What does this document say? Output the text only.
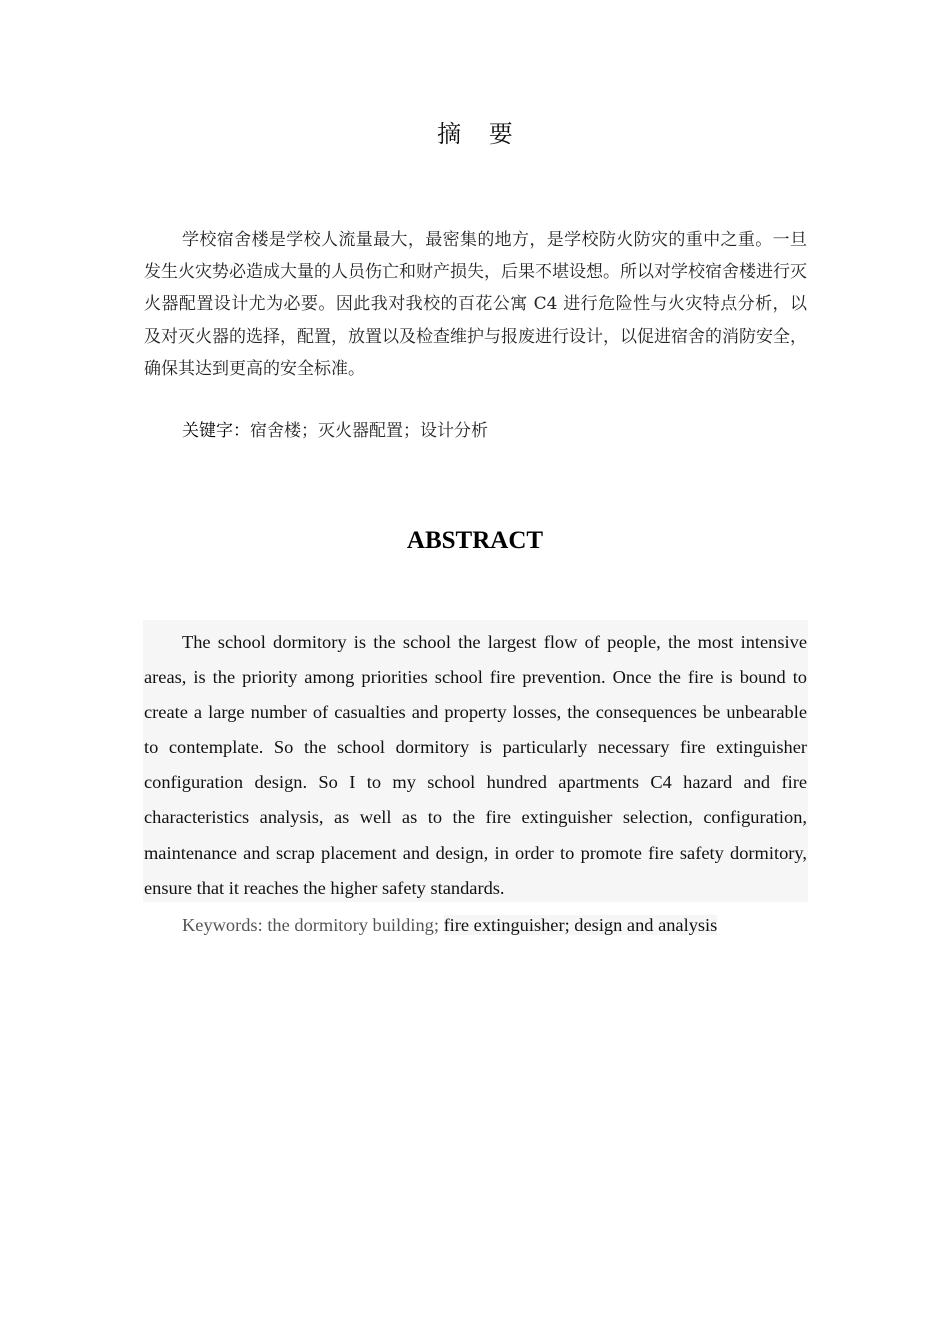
摘 要

学校宿舍楼是学校人流量最大，最密集的地方，是学校防火防灾的重中之重。一旦发生火灾势必造成大量的人员伤亡和财产损失，后果不堪设想。所以对学校宿舍楼进行灭火器配置设计尤为必要。因此我对我校的百花公寓 C4 进行危险性与火灾特点分析，以及对灭火器的选择，配置，放置以及检查维护与报废进行设计，以促进宿舍的消防安全，确保其达到更高的安全标准。

关键字：宿舍楼；灭火器配置；设计分析

ABSTRACT

The school dormitory is the school the largest flow of people, the most intensive areas, is the priority among priorities school fire prevention. Once the fire is bound to create a large number of casualties and property losses, the consequences be unbearable to contemplate. So the school dormitory is particularly necessary fire extinguisher configuration design. So I to my school hundred apartments C4 hazard and fire characteristics analysis, as well as to the fire extinguisher selection, configuration, maintenance and scrap placement and design, in order to promote fire safety dormitory, ensure that it reaches the higher safety standards.

Keywords: the dormitory building; fire extinguisher; design and analysis
